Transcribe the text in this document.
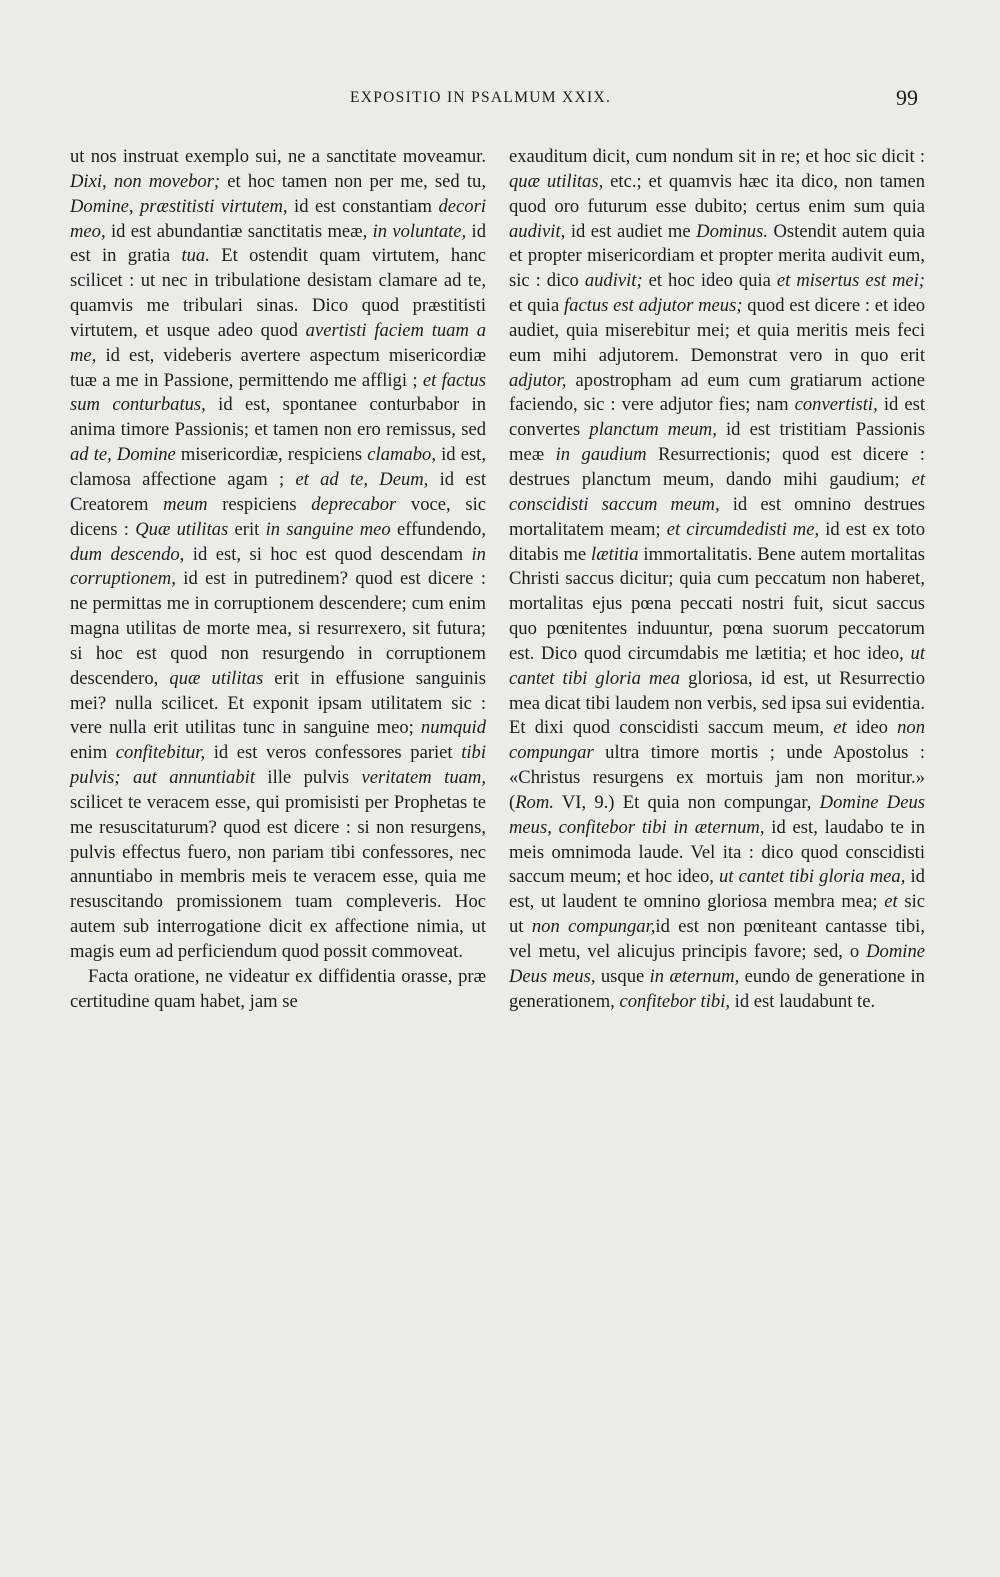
EXPOSITIO IN PSALMUM XXIX.	99

ut nos instruat exemplo sui, ne a sanctitate moveamur. Dixi, non movebor; et hoc tamen non per me, sed tu, Domine, præstitisti virtutem, id est constantiam decori meo, id est abundantiæ sanctitatis meæ, in voluntate, id est in gratia tua. Et ostendit quam virtutem, hanc scilicet : ut nec in tribulatione desistam clamare ad te, quamvis me tribulari sinas. Dico quod præstitisti virtutem, et usque adeo quod avertisti faciem tuam a me, id est, videberis avertere aspectum misericordiæ tuæ a me in Passione, permittendo me affligi ; et factus sum conturbatus, id est, spontanee conturbabor in anima timore Passionis; et tamen non ero remissus, sed ad te, Domine misericordiæ, respiciens clamabo, id est, clamosa affectione agam ; et ad te, Deum, id est Creatorem meum respiciens deprecabor voce, sic dicens : Quæ utilitas erit in sanguine meo effundendo, dum descendo, id est, si hoc est quod descendam in corruptionem, id est in putredinem? quod est dicere : ne permittas me in corruptionem descendere; cum enim magna utilitas de morte mea, si resurrexero, sit futura; si hoc est quod non resurgendo in corruptionem descendero, quæ utilitas erit in effusione sanguinis mei? nulla scilicet. Et exponit ipsam utilitatem sic : vere nulla erit utilitas tunc in sanguine meo; numquid enim confitebitur, id est veros confessores pariet tibi pulvis; aut annuntiabit ille pulvis veritatem tuam, scilicet te veracem esse, qui promisisti per Prophetas te me resuscitaturum? quod est dicere : si non resurgens, pulvis effectus fuero, non pariam tibi confessores, nec annuntiabo in membris meis te veracem esse, quia me resuscitando promissionem tuam compleveris. Hoc autem sub interrogatione dicit ex affectione nimia, ut magis eum ad perficiendum quod possit commoveat.

Facta oratione, ne videatur ex diffidentia orasse, præ certitudine quam habet, jam se

exauditum dicit, cum nondum sit in re; et hoc sic dicit : quæ utilitas, etc.; et quamvis hæc ita dico, non tamen quod oro futurum esse dubito; certus enim sum quia audivit, id est audiet me Dominus. Ostendit autem quia et propter misericordiam et propter merita audivit eum, sic : dico audivit; et hoc ideo quia et misertus est mei; et quia factus est adjutor meus; quod est dicere : et ideo audiet, quia miserebitur mei; et quia meritis meis feci eum mihi adjutorem. Demonstrat vero in quo erit adjutor, apostropham ad eum cum gratiarum actione faciendo, sic : vere adjutor fies; nam convertisti, id est convertes planctum meum, id est tristitiam Passionis meæ in gaudium Resurrectionis; quod est dicere : destrues planctum meum, dando mihi gaudium; et conscidisti saccum meum, id est omnino destrues mortalitatem meam; et circumdedisti me, id est ex toto ditabis me lætitia immortalitatis. Bene autem mortalitas Christi saccus dicitur; quia cum peccatum non haberet, mortalitas ejus pœna peccati nostri fuit, sicut saccus quo pœnitentes induuntur, pœna suorum peccatorum est. Dico quod circumdabis me lætitia; et hoc ideo, ut cantet tibi gloria mea gloriosa, id est, ut Resurrectio mea dicat tibi laudem non verbis, sed ipsa sui evidentia. Et dixi quod conscidisti saccum meum, et ideo non compungar ultra timore mortis ; unde Apostolus : «Christus resurgens ex mortuis jam non moritur.» (Rom. VI, 9.) Et quia non compungar, Domine Deus meus, confitebor tibi in æternum, id est, laudabo te in meis omnimoda laude. Vel ita : dico quod conscidisti saccum meum; et hoc ideo, ut cantet tibi gloria mea, id est, ut laudent te omnino gloriosa membra mea; et sic ut non compungar,id est non pœniteant cantasse tibi, vel metu, vel alicujus principis favore; sed, o Domine Deus meus, usque in æternum, eundo de generatione in generationem, confitebor tibi, id est laudabunt te.
